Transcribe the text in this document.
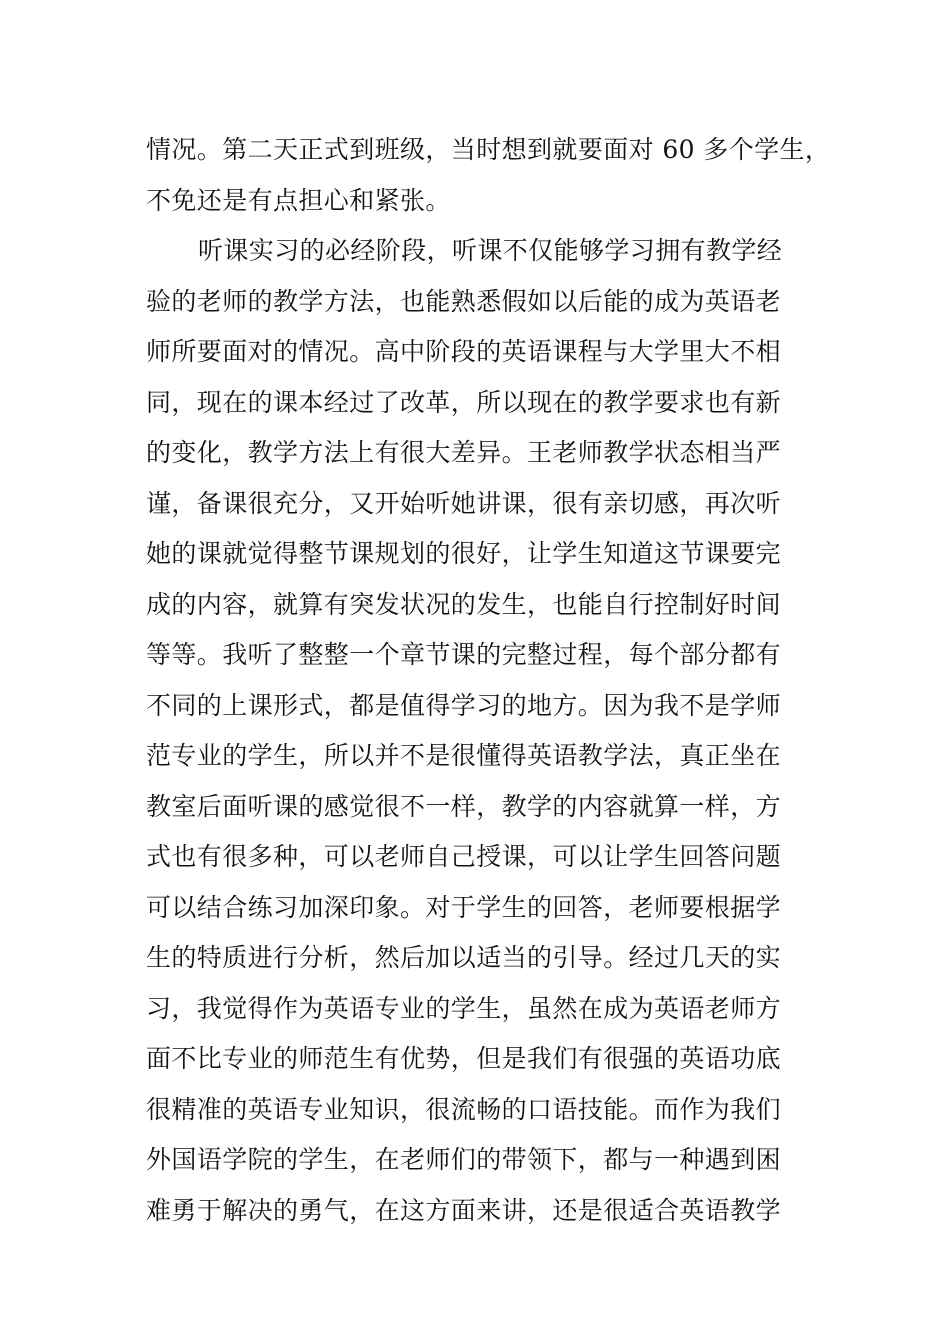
情况。第二天正式到班级，当时想到就要面对 60 多个学生，
不免还是有点担心和紧张。
听课实习的必经阶段，听课不仅能够学习拥有教学经
验的老师的教学方法，也能熟悉假如以后能的成为英语老
师所要面对的情况。高中阶段的英语课程与大学里大不相
同，现在的课本经过了改革，所以现在的教学要求也有新
的变化，教学方法上有很大差异。王老师教学状态相当严
谨，备课很充分，又开始听她讲课，很有亲切感，再次听
她的课就觉得整节课规划的很好，让学生知道这节课要完
成的内容，就算有突发状况的发生，也能自行控制好时间
等等。我听了整整一个章节课的完整过程，每个部分都有
不同的上课形式，都是值得学习的地方。因为我不是学师
范专业的学生，所以并不是很懂得英语教学法，真正坐在
教室后面听课的感觉很不一样，教学的内容就算一样，方
式也有很多种，可以老师自己授课，可以让学生回答问题
可以结合练习加深印象。对于学生的回答，老师要根据学
生的特质进行分析，然后加以适当的引导。经过几天的实
习，我觉得作为英语专业的学生，虽然在成为英语老师方
面不比专业的师范生有优势，但是我们有很强的英语功底
很精准的英语专业知识，很流畅的口语技能。而作为我们
外国语学院的学生，在老师们的带领下，都与一种遇到困
难勇于解决的勇气，在这方面来讲，还是很适合英语教学
